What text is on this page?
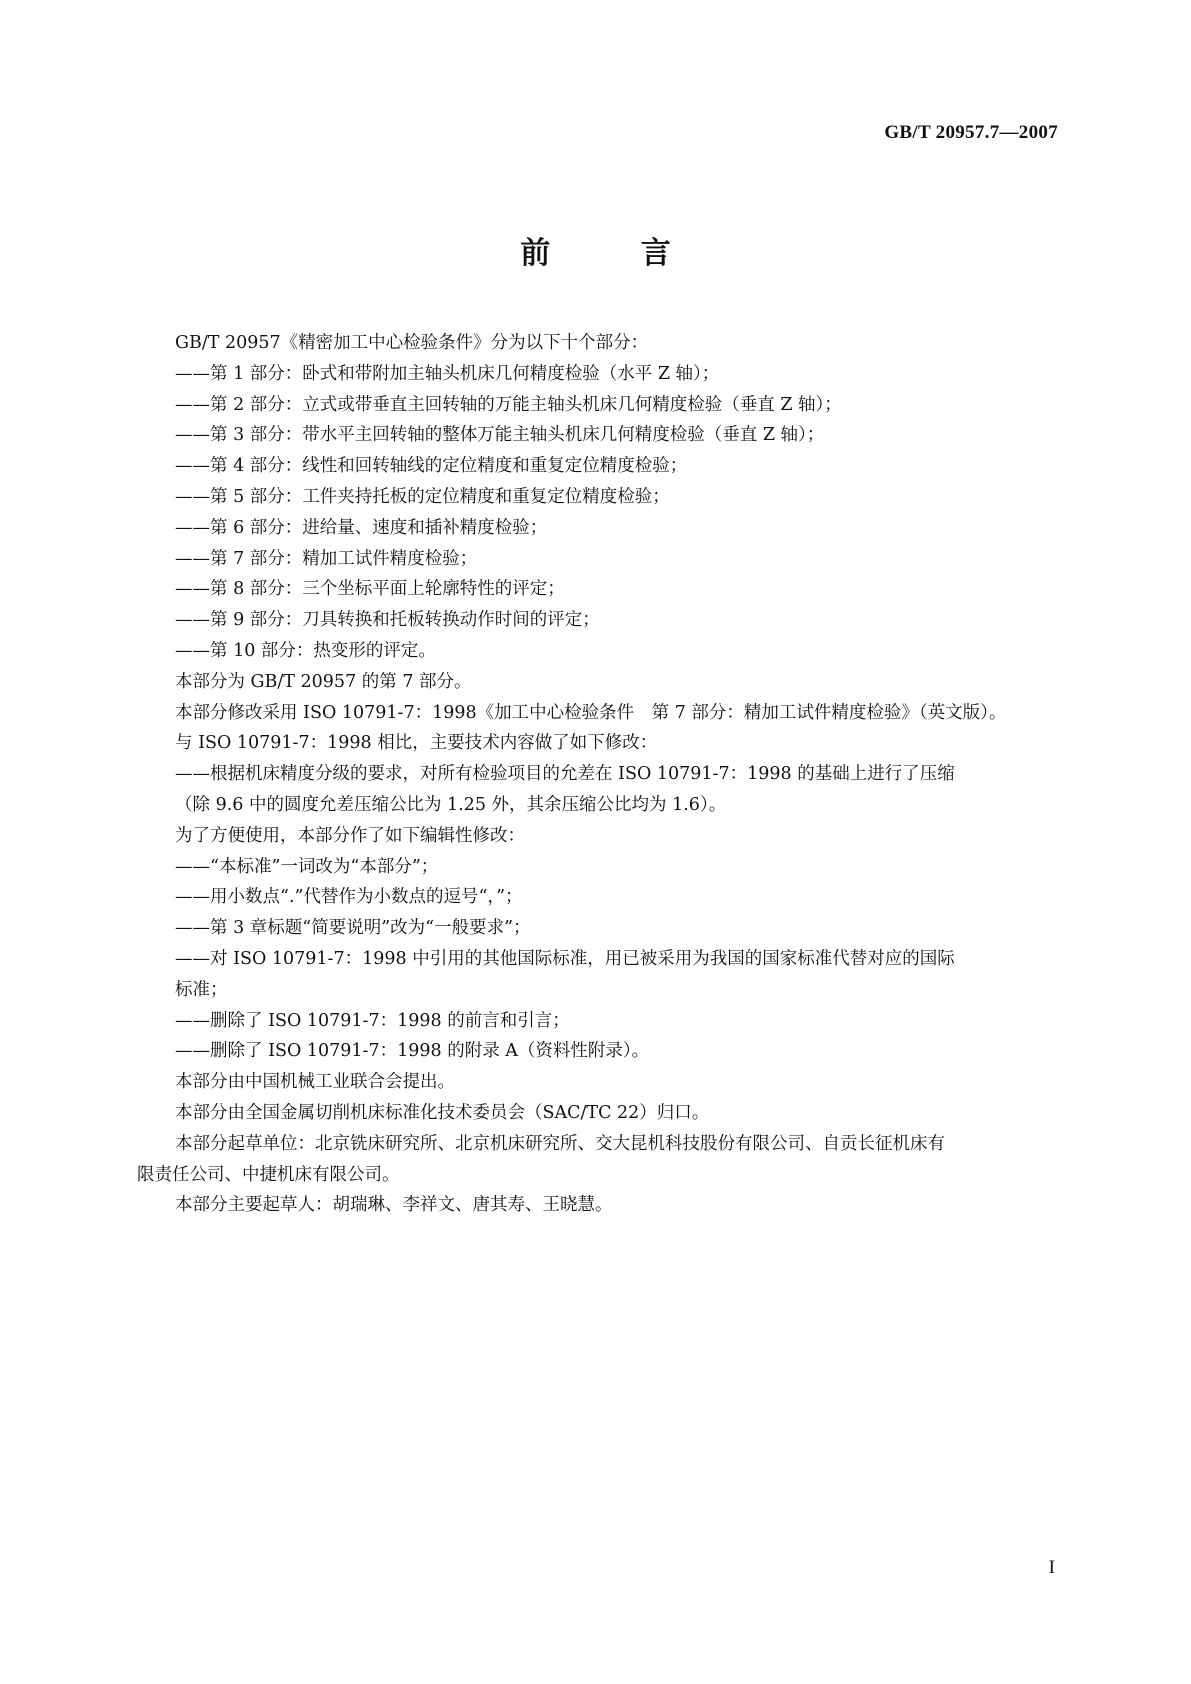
GB/T 20957.7—2007
前 言

GB/T 20957《精密加工中心检验条件》分为以下十个部分：

——第 1 部分：卧式和带附加主轴头机床几何精度检验（水平 Z 轴）；

——第 2 部分：立式或带垂直主回转轴的万能主轴头机床几何精度检验（垂直 Z 轴）；

——第 3 部分：带水平主回转轴的整体万能主轴头机床几何精度检验（垂直 Z 轴）；

——第 4 部分：线性和回转轴线的定位精度和重复定位精度检验；

——第 5 部分：工件夹持托板的定位精度和重复定位精度检验；

——第 6 部分：进给量、速度和插补精度检验；

——第 7 部分：精加工试件精度检验；

——第 8 部分：三个坐标平面上轮廓特性的评定；

——第 9 部分：刀具转换和托板转换动作时间的评定；

——第 10 部分：热变形的评定。

本部分为 GB/T 20957 的第 7 部分。

本部分修改采用 ISO 10791-7：1998《加工中心检验条件　第 7 部分：精加工试件精度检验》（英文版）。

与 ISO 10791-7：1998 相比，主要技术内容做了如下修改：

——根据机床精度分级的要求，对所有检验项目的允差在 ISO 10791-7：1998 的基础上进行了压缩

（除 9.6 中的圆度允差压缩公比为 1.25 外，其余压缩公比均为 1.6）。

为了方便使用，本部分作了如下编辑性修改：

——“本标准”一词改为“本部分”；

——用小数点“.”代替作为小数点的逗号“，”；

——第 3 章标题“简要说明”改为“一般要求”；

——对 ISO 10791-7：1998 中引用的其他国际标准，用已被采用为我国的国家标准代替对应的国际

标准；

——删除了 ISO 10791-7：1998 的前言和引言；

——删除了 ISO 10791-7：1998 的附录 A（资料性附录）。

本部分由中国机械工业联合会提出。

本部分由全国金属切削机床标准化技术委员会（SAC/TC 22）归口。

本部分起草单位：北京铣床研究所、北京机床研究所、交大昆机科技股份有限公司、自贡长征机床有

限责任公司、中捷机床有限公司。

本部分主要起草人：胡瑞琳、李祥文、唐其寿、王晓慧。

I
